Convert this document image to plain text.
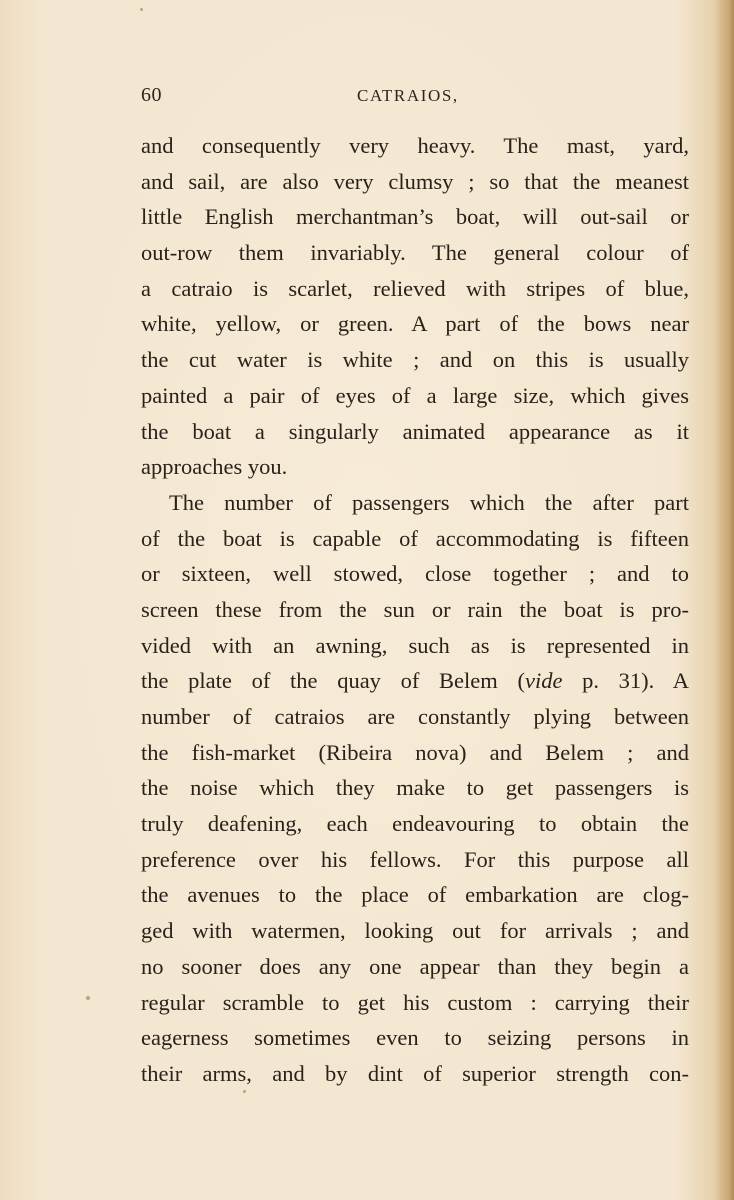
60	CATRAIOS,
and consequently very heavy. The mast, yard,
and sail, are also very clumsy ; so that the meanest
little English merchantman’s boat, will out-sail or
out-row them invariably. The general colour of
a catraio is scarlet, relieved with stripes of blue,
white, yellow, or green. A part of the bows near
the cut water is white ; and on this is usually
painted a pair of eyes of a large size, which gives
the boat a singularly animated appearance as it
approaches you.
The number of passengers which the after part
of the boat is capable of accommodating is fifteen
or sixteen, well stowed, close together ; and to
screen these from the sun or rain the boat is pro-
vided with an awning, such as is represented in
the plate of the quay of Belem (vide p. 31). A
number of catraios are constantly plying between
the fish-market (Ribeira nova) and Belem ; and
the noise which they make to get passengers is
truly deafening, each endeavouring to obtain the
preference over his fellows. For this purpose all
the avenues to the place of embarkation are clog-
ged with watermen, looking out for arrivals ; and
no sooner does any one appear than they begin a
regular scramble to get his custom : carrying their
eagerness sometimes even to seizing persons in
their arms, and by dint of superior strength con-
